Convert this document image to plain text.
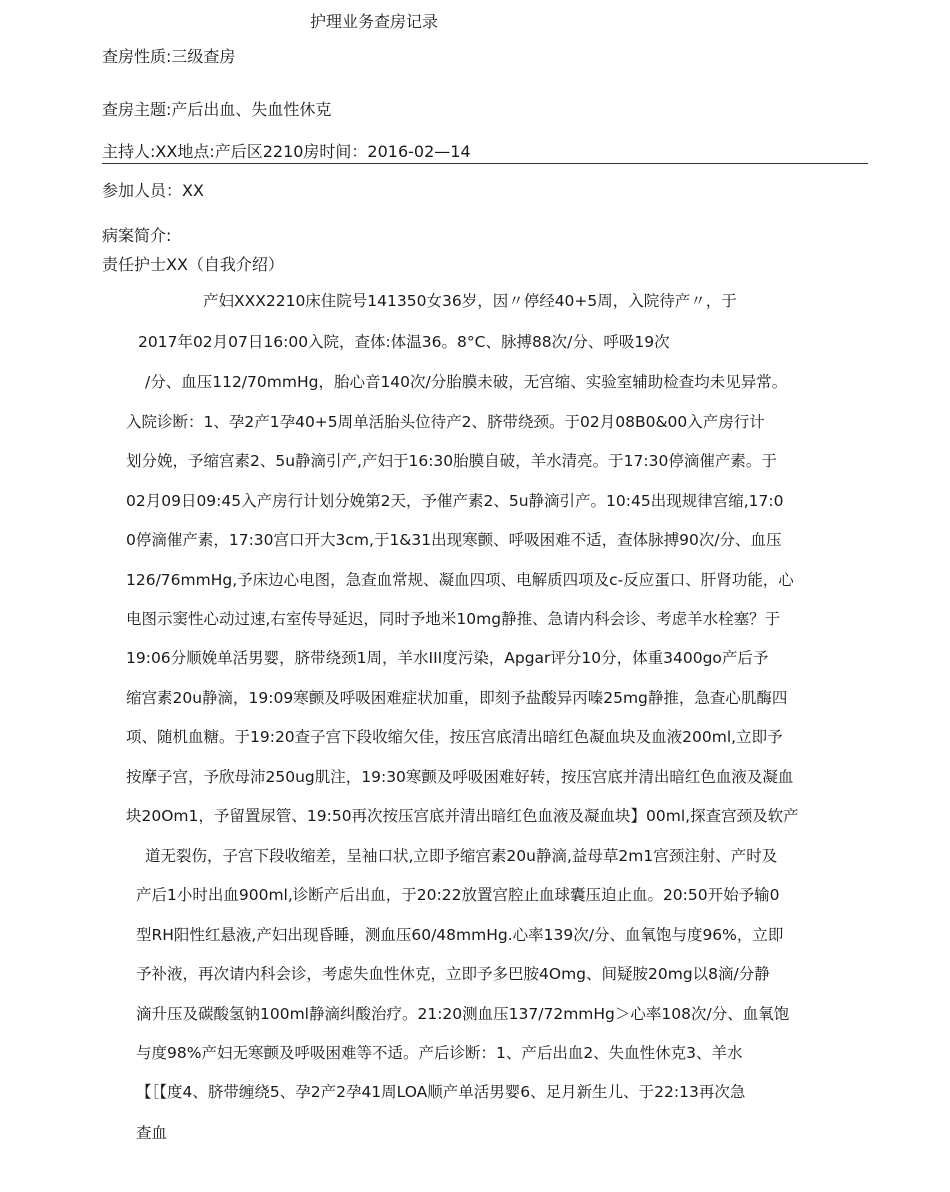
护理业务查房记录
查房性质:三级查房
查房主题:产后出血、失血性休克
主持人:XX地点:产后区2210房时间：2016-02—14
参加人员：XX
病案简介:
责任护士XX（自我介绍）
产妇XXX2210床住院号141350女36岁，因〃停经40+5周，入院待产〃，于
2017年02月07日16:00入院，查体:体温36。8°C、脉搏88次/分、呼吸19次
/分、血压112/70mmHg，胎心音140次/分胎膜未破，无宫缩、实验室辅助检查均未见异常。
入院诊断：1、孕2产1孕40+5周单活胎头位待产2、脐带绕颈。于02月08B0&00入产房行计
划分娩，予缩宫素2、5u静滴引产,产妇于16:30胎膜自破，羊水清亮。于17:30停滴催产素。于
02月09日09:45入产房行计划分娩第2天，予催产素2、5u静滴引产。10:45出现规律宫缩,17:0
0停滴催产素，17:30宫口开大3cm,于1&31出现寒颤、呼吸困难不适，查体脉搏90次/分、血压
126/76mmHg,予床边心电图，急查血常规、凝血四项、电解质四项及c-反应蛋口、肝肾功能，心
电图示窦性心动过速,右室传导延迟，同时予地米10mg静推、急请内科会诊、考虑羊水栓塞？于
19:06分顺娩单活男婴，脐带绕颈1周，羊水III度污染，Apgar评分10分，体重3400go产后予
缩宫素20u静滴，19:09寒颤及呼吸困难症状加重，即刻予盐酸异丙嗪25mg静推，急查心肌酶四
项、随机血糖。于19:20查子宫下段收缩欠佳，按压宫底清出暗红色凝血块及血液200ml,立即予
按摩子宫，予欣母沛250ug肌注，19:30寒颤及呼吸困难好转，按压宫底并清出暗红色血液及凝血
块20Om1，予留置尿管、19:50再次按压宫底并清出暗红色血液及凝血块】00ml,探查宫颈及软产
道无裂伤，子宫下段收缩差，呈袖口状,立即予缩宫素20u静滴,益母草2m1宫颈注射、产时及
产后1小时出血900ml,诊断产后出血，于20:22放置宫腔止血球囊压迫止血。20:50开始予输0
型RH阳性红悬液,产妇出现昏睡，测血压60/48mmHg.心率139次/分、血氧饱与度96%，立即
予补液，再次请内科会诊，考虑失血性休克，立即予多巴胺4Omg、间疑胺20mg以8滴/分静
滴升压及碳酸氢钠100ml静滴纠酸治疗。21:20测血压137/72mmHg＞心率108次/分、血氧饱
与度98%产妇无寒颤及呼吸困难等不适。产后诊断：1、产后出血2、失血性休克3、羊水
【［【度4、脐带缠绕5、孕2产2孕41周LOA顺产单活男婴6、足月新生儿、于22:13再次急
查血
